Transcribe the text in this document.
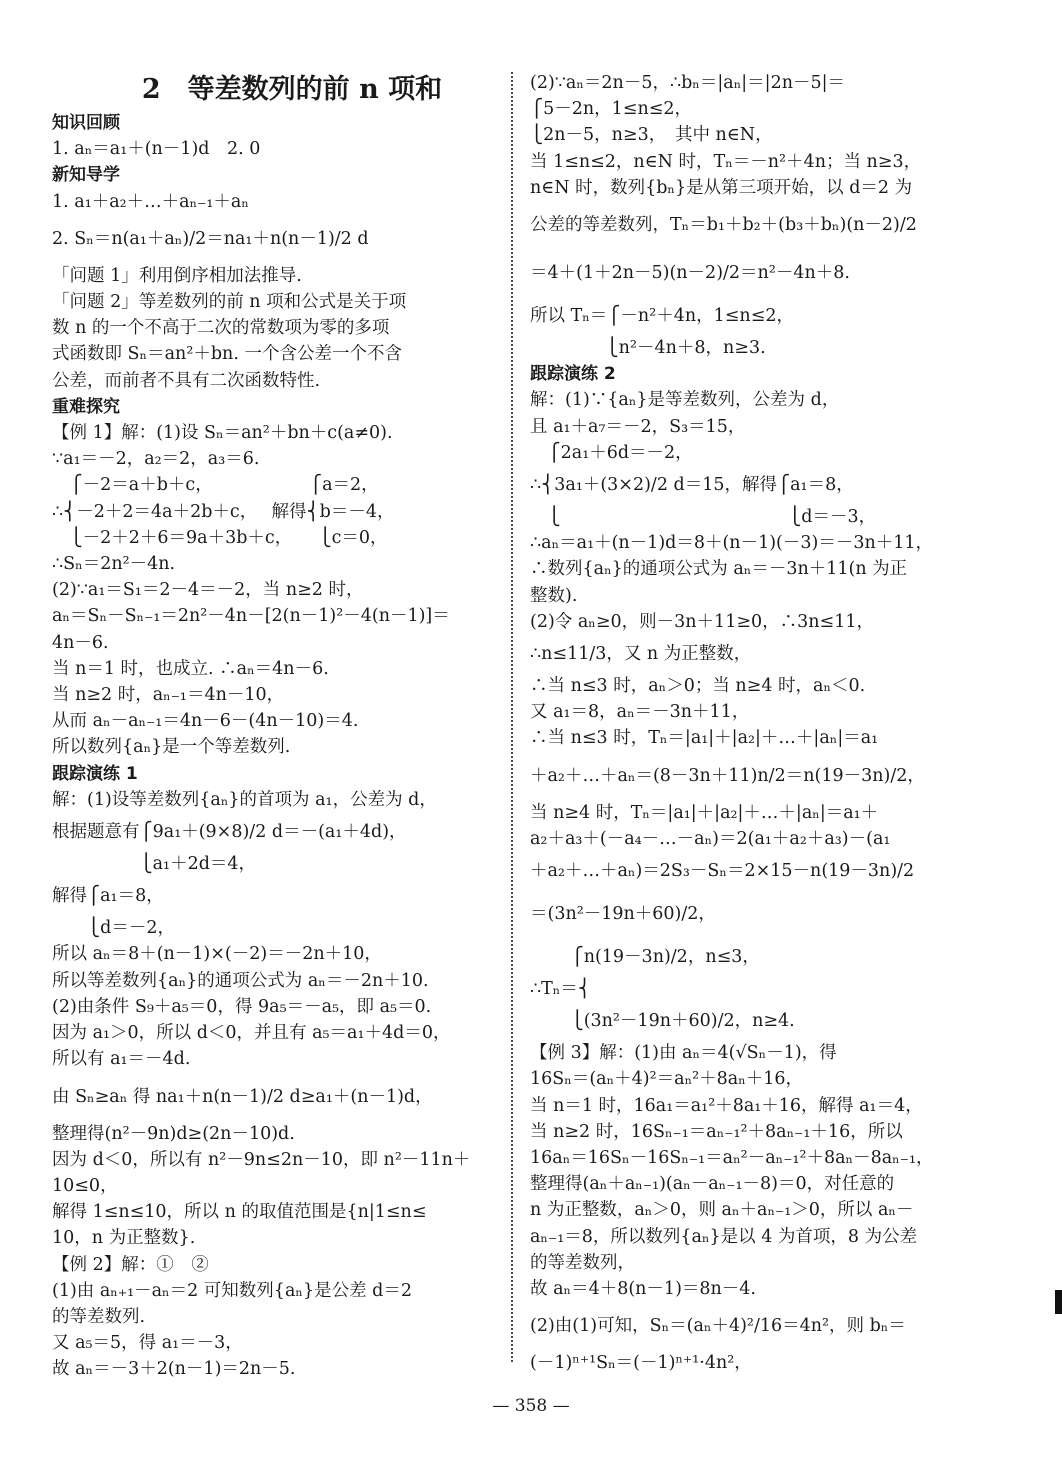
2　等差数列的前 n 项和
知识回顾
1. aₙ＝a₁＋(n－1)d　2. 0
新知导学
1. a₁＋a₂＋…＋aₙ₋₁＋aₙ
2. Sₙ＝n(a₁＋aₙ)/2＝na₁＋n(n－1)/2 d
「问题 1」利用倒序相加法推导.
「问题 2」等差数列的前 n 项和公式是关于项
数 n 的一个不高于二次的常数项为零的多项
式函数即 Sₙ＝an²＋bn. 一个含公差一个不含
公差，而前者不具有二次函数特性.
重难探究
【例 1】解：(1)设 Sₙ＝an²＋bn＋c(a≠0).
∵a₁＝－2，a₂＝2，a₃＝6.
　⎧－2＝a＋b＋c，　　　　　　⎧a＝2，
∴⎨－2＋2＝4a＋2b＋c，　 解得⎨b＝－4，
　⎩－2＋2＋6＝9a＋3b＋c，　　⎩c＝0，
∴Sₙ＝2n²－4n.
(2)∵a₁＝S₁＝2－4＝－2，当 n≥2 时，
aₙ＝Sₙ－Sₙ₋₁＝2n²－4n－[2(n－1)²－4(n－1)]＝
4n－6.
当 n＝1 时，也成立. ∴aₙ＝4n－6.
当 n≥2 时，aₙ₋₁＝4n－10，
从而 aₙ－aₙ₋₁＝4n－6－(4n－10)＝4.
所以数列{aₙ}是一个等差数列.
跟踪演练 1
解：(1)设等差数列{aₙ}的首项为 a₁，公差为 d，
根据题意有⎧9a₁＋(9×8)/2 d＝－(a₁＋4d)，
　　　　　⎩a₁＋2d＝4，
解得⎧a₁＝8，
　　⎩d＝－2，
所以 aₙ＝8＋(n－1)×(－2)＝－2n＋10，
所以等差数列{aₙ}的通项公式为 aₙ＝－2n＋10.
(2)由条件 S₉＋a₅＝0，得 9a₅＝－a₅，即 a₅＝0.
因为 a₁＞0，所以 d＜0，并且有 a₅＝a₁＋4d＝0，
所以有 a₁＝－4d.
由 Sₙ≥aₙ 得 na₁＋n(n－1)/2 d≥a₁＋(n－1)d，
整理得(n²－9n)d≥(2n－10)d.
因为 d＜0，所以有 n²－9n≤2n－10，即 n²－11n＋
10≤0，
解得 1≤n≤10，所以 n 的取值范围是{n|1≤n≤
10，n 为正整数}.
【例 2】解：①　②
(1)由 aₙ₊₁－aₙ＝2 可知数列{aₙ}是公差 d＝2
的等差数列.
又 a₅＝5，得 a₁＝－3，
故 aₙ＝－3＋2(n－1)＝2n－5.
(2)∵aₙ＝2n－5，∴bₙ＝|aₙ|＝|2n－5|＝
⎧5－2n，1≤n≤2，
⎩2n－5，n≥3，　其中 n∈N，
当 1≤n≤2，n∈N 时，Tₙ＝－n²＋4n；当 n≥3，
n∈N 时，数列{bₙ}是从第三项开始，以 d＝2 为
公差的等差数列，Tₙ＝b₁＋b₂＋(b₃＋bₙ)(n－2)/2
＝4＋(1＋2n－5)(n－2)/2＝n²－4n＋8.
所以 Tₙ＝⎧－n²＋4n，1≤n≤2，
　　　　 ⎩n²－4n＋8，n≥3.
跟踪演练 2
解：(1)∵{aₙ}是等差数列，公差为 d，
且 a₁＋a₇＝－2，S₃＝15，
　⎧2a₁＋6d＝－2，
∴⎨3a₁＋(3×2)/2 d＝15，解得⎧a₁＝8，
　⎩　　　　　　　　　　　　　⎩d＝－3，
∴aₙ＝a₁＋(n－1)d＝8＋(n－1)(－3)＝－3n＋11，
∴数列{aₙ}的通项公式为 aₙ＝－3n＋11(n 为正
整数).
(2)令 aₙ≥0，则－3n＋11≥0，∴3n≤11，
∴n≤11/3，又 n 为正整数，
∴当 n≤3 时，aₙ＞0；当 n≥4 时，aₙ＜0.
又 a₁＝8，aₙ＝－3n＋11，
∴当 n≤3 时，Tₙ＝|a₁|＋|a₂|＋…＋|aₙ|＝a₁
＋a₂＋…＋aₙ＝(8－3n＋11)n/2＝n(19－3n)/2，
当 n≥4 时，Tₙ＝|a₁|＋|a₂|＋…＋|aₙ|＝a₁＋
a₂＋a₃＋(－a₄－…－aₙ)＝2(a₁＋a₂＋a₃)－(a₁
＋a₂＋…＋aₙ)＝2S₃－Sₙ＝2×15－n(19－3n)/2
＝(3n²－19n＋60)/2，
　　 ⎧n(19－3n)/2，n≤3，
∴Tₙ＝⎨
　　 ⎩(3n²－19n＋60)/2，n≥4.
【例 3】解：(1)由 aₙ＝4(√Sₙ－1)，得
16Sₙ＝(aₙ＋4)²＝aₙ²＋8aₙ＋16，
当 n＝1 时，16a₁＝a₁²＋8a₁＋16，解得 a₁＝4，
当 n≥2 时，16Sₙ₋₁＝aₙ₋₁²＋8aₙ₋₁＋16，所以
16aₙ＝16Sₙ－16Sₙ₋₁＝aₙ²－aₙ₋₁²＋8aₙ－8aₙ₋₁，
整理得(aₙ＋aₙ₋₁)(aₙ－aₙ₋₁－8)＝0，对任意的
n 为正整数，aₙ＞0，则 aₙ＋aₙ₋₁＞0，所以 aₙ－
aₙ₋₁＝8，所以数列{aₙ}是以 4 为首项，8 为公差
的等差数列，
故 aₙ＝4＋8(n－1)＝8n－4.
(2)由(1)可知，Sₙ＝(aₙ＋4)²/16＝4n²，则 bₙ＝
(－1)ⁿ⁺¹Sₙ＝(－1)ⁿ⁺¹·4n²，
— 358 —
